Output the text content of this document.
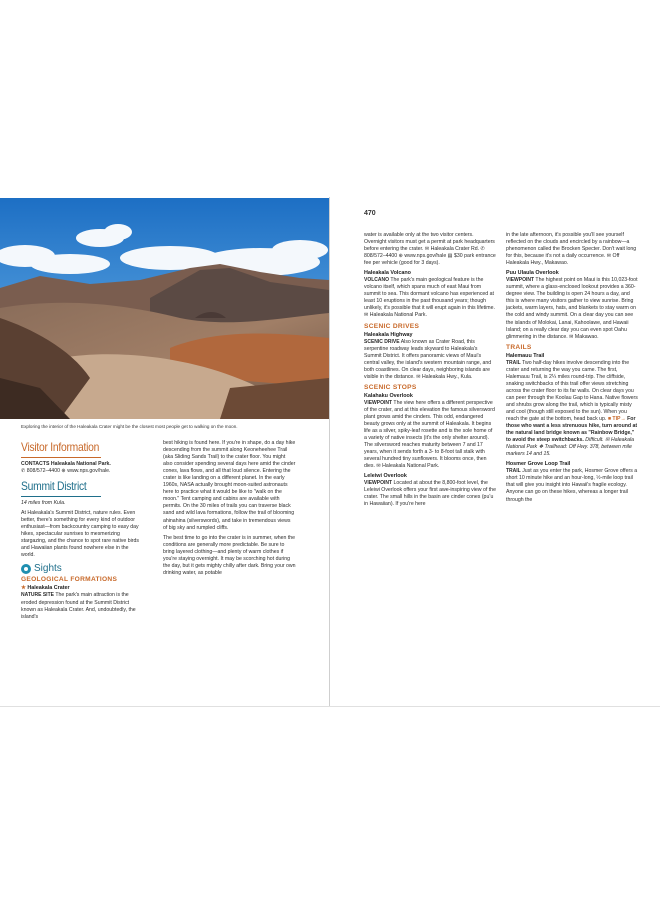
Exploring the interior of the Haleakala Crater might be the closest most people get to walking on the moon.
Visitor Information

CONTACTS Haleakala National Park.
✆ 808/572–4400 ⊕ www.nps.gov/hale.

Summit District

14 miles from Kula.

At Haleakala's Summit District, nature rules. Even better, there's something for every kind of outdoor enthusiast—from backcountry camping to easy day hikes, spectacular sunrises to mesmerizing stargazing, and the chance to spot rare native birds and Hawaiian plants found nowhere else in the world.

Sights
GEOLOGICAL FORMATIONS
★ Haleakala Crater

NATURE SITE The park's main attraction is the eroded depression found at the Summit District known as Haleakala Crater. And, undoubtedly, the island's

best hiking is found here. If you're in shape, do a day hike descending from the summit along Keoneheehee Trail (aka Sliding Sands Trail) to the crater floor. You might also consider spending several days here amid the cinder cones, lava flows, and all that loud silence. Entering the crater is like landing on a different planet. In the early 1960s, NASA actually brought moon-suited astronauts here to practice what it would be like to "walk on the moon." Tent camping and cabins are available with permits. On the 30 miles of trails you can traverse black sand and wild lava formations, follow the trail of blooming ahinahina (silverswords), and take in tremendous views of big sky and rumpled cliffs.

The best time to go into the crater is in summer, when the conditions are generally more predictable. Be sure to bring layered clothing—and plenty of warm clothes if you're staying overnight. It may be scorching hot during the day, but it gets mighty chilly after dark. Bring your own drinking water, as potable

470

water is available only at the two visitor centers. Overnight visitors must get a permit at park headquarters before entering the crater. ✉ Haleakala Crater Rd. ✆ 808/572–4400 ⊕ www.nps.gov/hale ▤ $30 park entrance fee per vehicle (good for 3 days).

Haleakala Volcano

VOLCANO The park's main geological feature is the volcano itself, which spans much of east Maui from summit to sea. This dormant volcano has experienced at least 10 eruptions in the past thousand years; though unlikely, it's possible that it will erupt again in this lifetime. ✉ Haleakala National Park.

SCENIC DRIVES
Haleakala Highway

SCENIC DRIVE Also known as Crater Road, this serpentine roadway leads skyward to Haleakala's Summit District. It offers panoramic views of Maui's central valley, the island's western mountain range, and both coastlines. On clear days, neighboring islands are visible in the distance. ✉ Haleakala Hwy., Kula.

SCENIC STOPS
Kalahaku Overlook

VIEWPOINT The view here offers a different perspective of the crater, and at this elevation the famous silversword plant grows amid the cinders. This odd, endangered beauty grows only at the summit of Haleakala. It begins life as a silver, spiky-leaf rosette and is the sole home of a variety of native insects (it's the only shelter around). The silversword reaches maturity between 7 and 17 years, when it sends forth a 3- to 8-foot tall stalk with several hundred tiny sunflowers. It blooms once, then dies. ✉ Haleakala National Park.

Leleiwi Overlook

VIEWPOINT Located at about the 8,800-foot level, the Leleiwi Overlook offers your first awe-inspiring view of the crater. The small hills in the basin are cinder cones (puʻu in Hawaiian). If you're here

in the late afternoon, it's possible you'll see yourself reflected on the clouds and encircled by a rainbow—a phenomenon called the Brocken Specter. Don't wait long for this, because it's not a daily occurrence. ✉ Off Haleakala Hwy., Makawao.

Puu Ulaula Overlook

VIEWPOINT The highest point on Maui is this 10,023-foot summit, where a glass-enclosed lookout provides a 360-degree view. The building is open 24 hours a day, and this is where many visitors gather to view sunrise. Bring jackets, warm layers, hats, and blankets to stay warm on the cold and windy summit. On a clear day you can see the islands of Molokai, Lanai, Kahoolawe, and Hawaii Island; on a really clear day you can even spot Oahu glimmering in the distance. ✉ Makawao.

TRAILS
Halemauu Trail

TRAIL Two half-day hikes involve descending into the crater and returning the way you came. The first, Halemauu Trail, is 2¼ miles round-trip. The cliffside, snaking switchbacks of this trail offer views stretching across the crater floor to its far walls. On clear days you can peer through the Koolau Gap to Hana. Native flowers and shrubs grow along the trail, which is typically misty and cool (though still exposed to the sun). When you reach the gate at the bottom, head back up. ■ TIP→ For those who want a less strenuous hike, turn around at the natural land bridge known as "Rainbow Bridge," to avoid the steep switchbacks. Difficult. ✉ Haleakala National Park ❖ Trailhead: Off Hwy. 378, between mile markers 14 and 15.

Hosmer Grove Loop Trail

TRAIL Just as you enter the park, Hosmer Grove offers a short 10 minute hike and an hour-long, ½-mile loop trail that will give you insight into Hawaii's fragile ecology. Anyone can go on these hikes, whereas a longer trail through the
